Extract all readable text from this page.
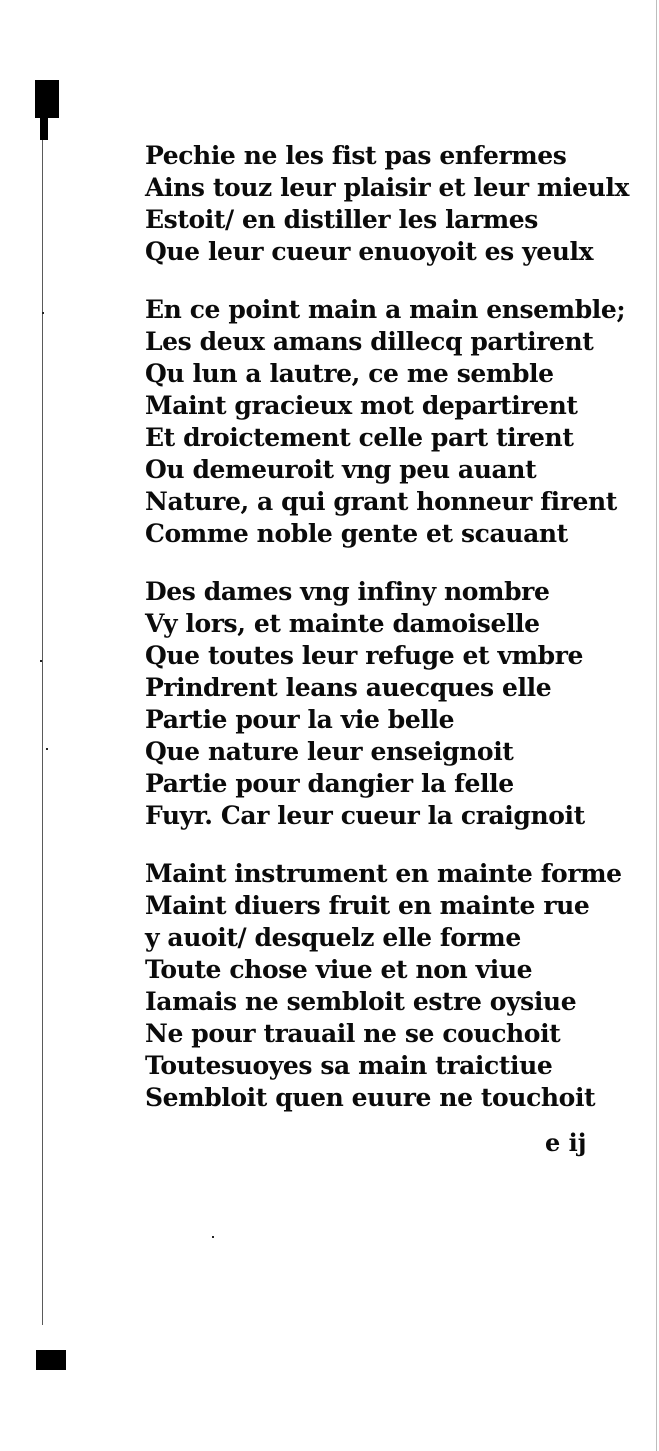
Pechie ne les fist pas enfermes
Ains touz leur plaisir et leur mieulx
Estoit/ en distiller les larmes
Que leur cueur enuoyoit es yeulx
En ce point main a main ensemble;
Les deux amans dillecq partirent
Qu lun a lautre, ce me semble
Maint gracieux mot departirent
Et droictement celle part tirent
Ou demeuroit vng peu auant
Nature, a qui grant honneur firent
Comme noble gente et scauant
Des dames vng infiny nombre
Vy lors, et mainte damoiselle
Que toutes leur refuge et vmbre
Prindrent leans auecques elle
Partie pour la vie belle
Que nature leur enseignoit
Partie pour dangier la felle
Fuyr. Car leur cueur la craignoit
Maint instrument en mainte forme
Maint diuers fruit en mainte rue
y auoit/ desquelz elle forme
Toute chose viue et non viue
Iamais ne sembloit estre oysiue
Ne pour trauail ne se couchoit
Toutesuoyes sa main traictiue
Sembloit quen euure ne touchoit
e ij
